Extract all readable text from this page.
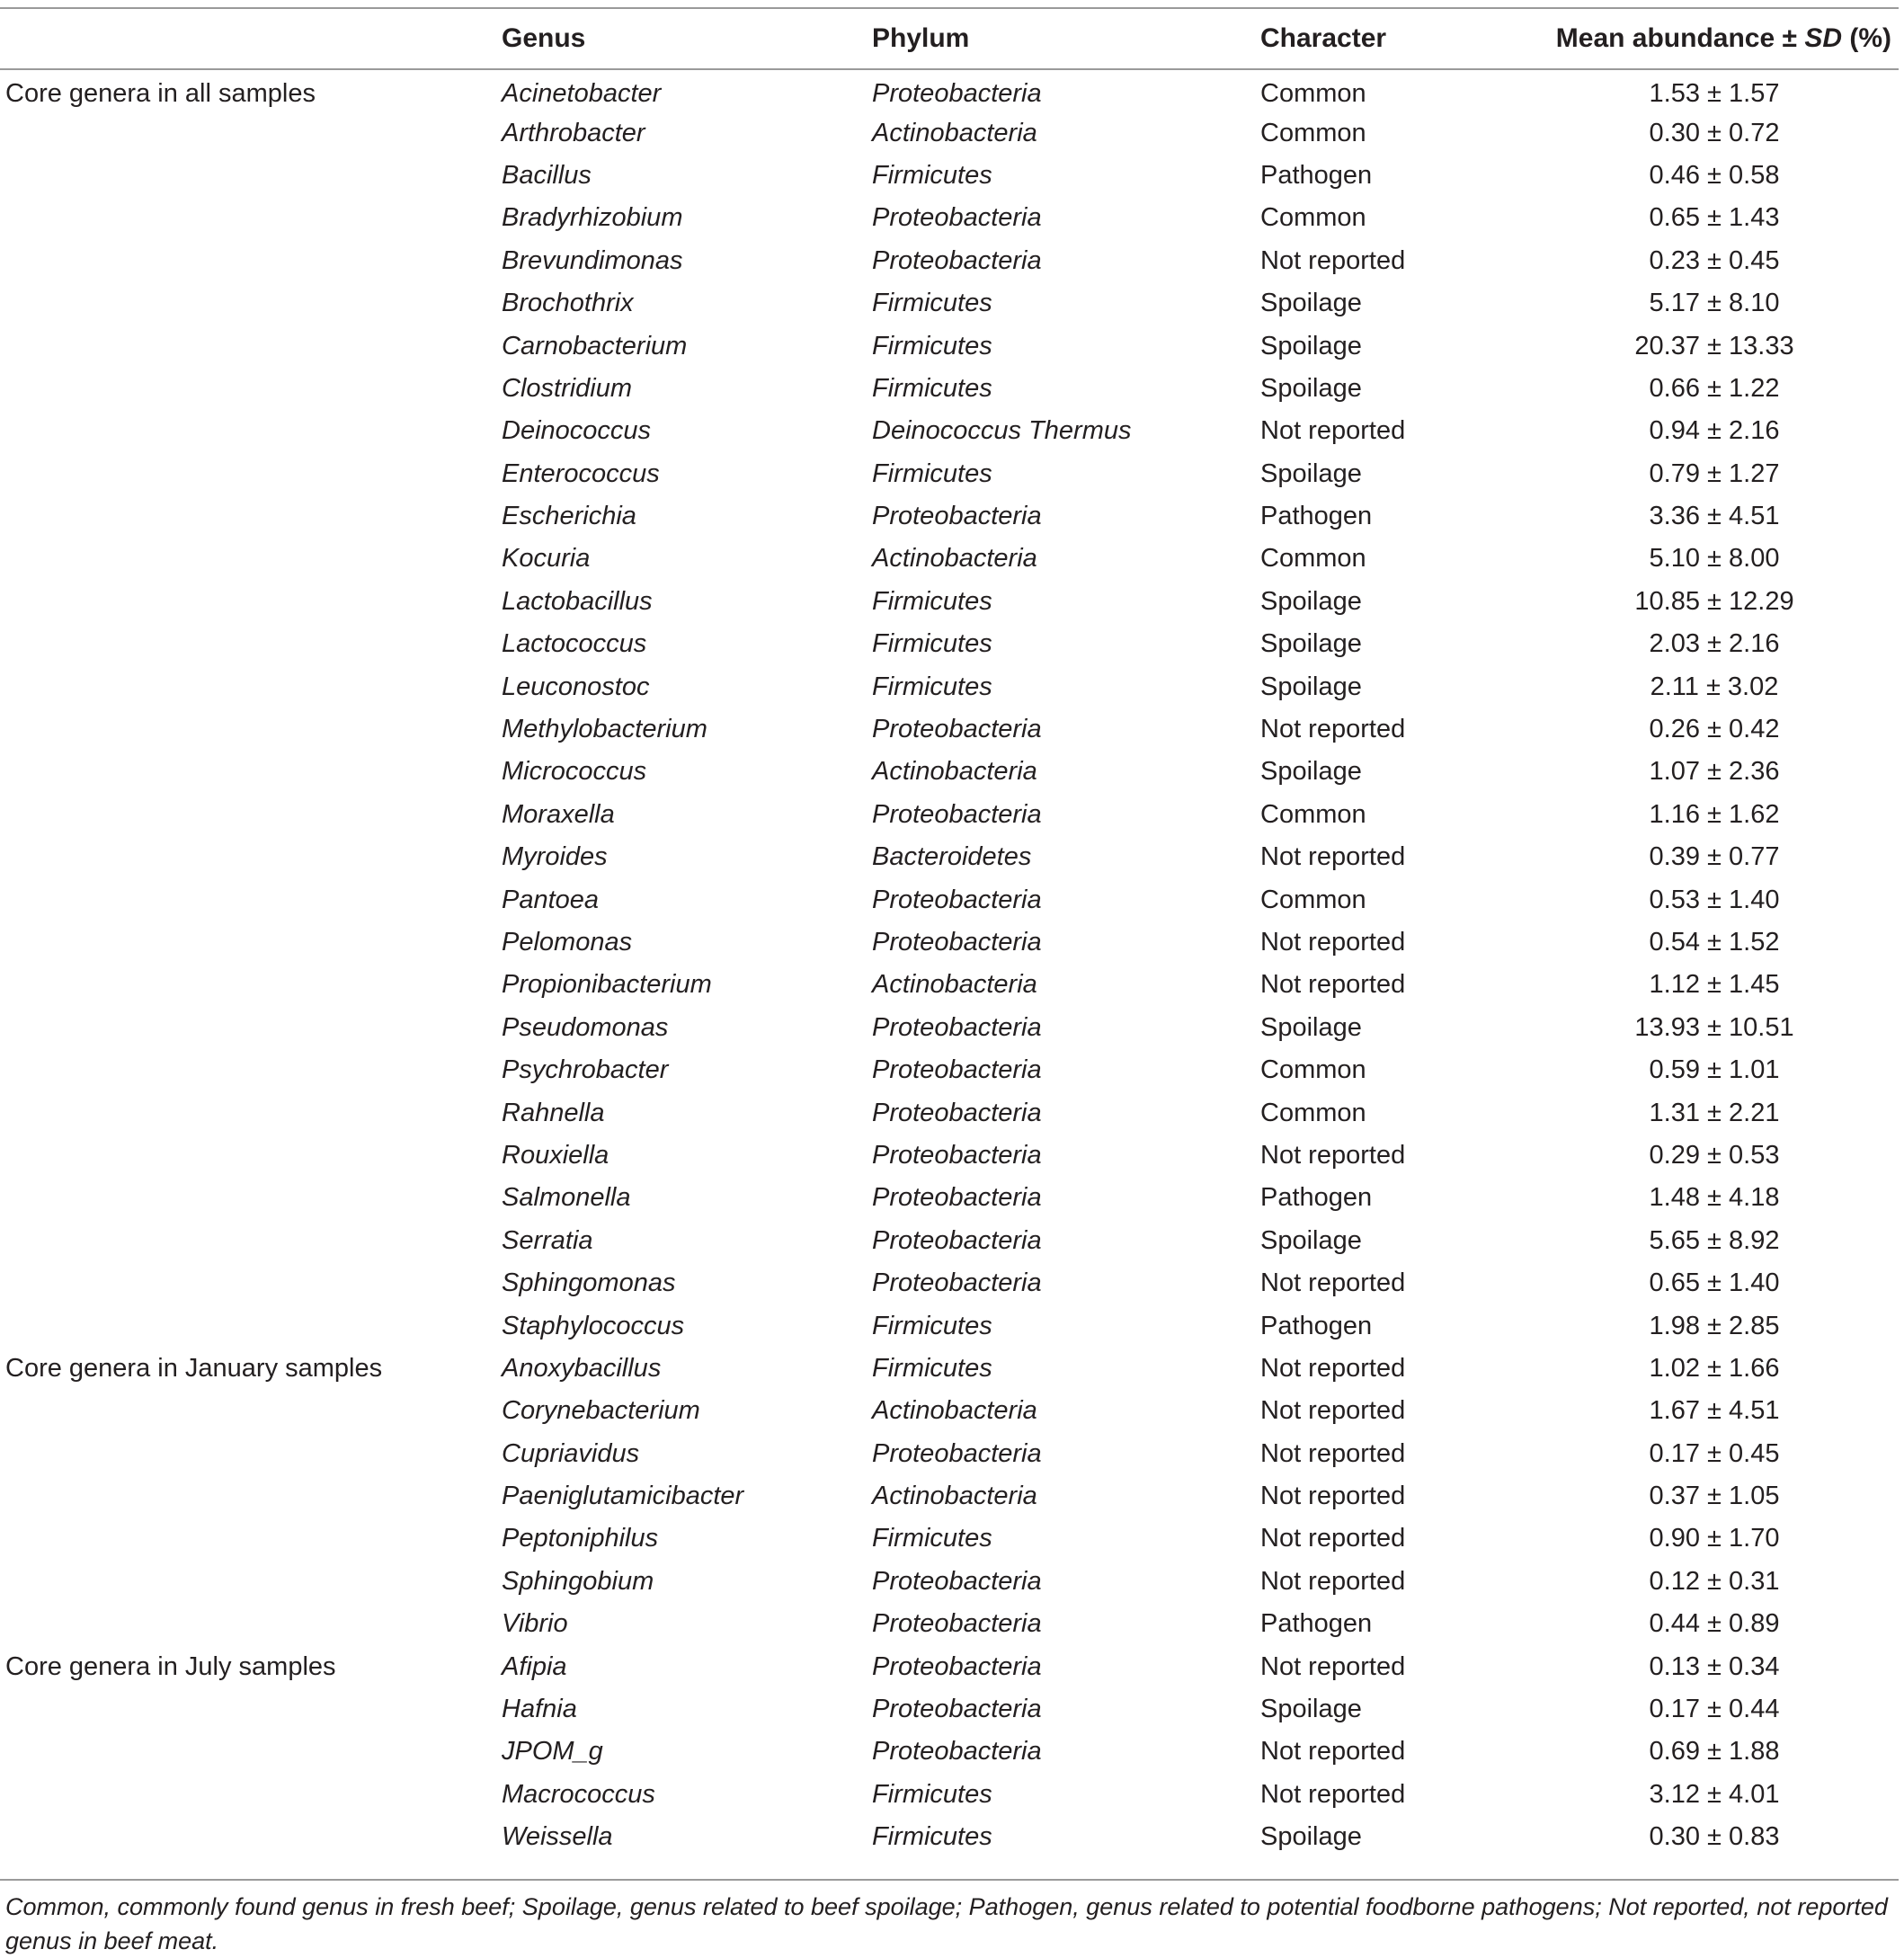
	Genus	Phylum	Character	Mean abundance ± SD (%)
Core genera in all samples	Acinetobacter	Proteobacteria	Common	1.53 ± 1.57
	Arthrobacter	Actinobacteria	Common	0.30 ± 0.72
	Bacillus	Firmicutes	Pathogen	0.46 ± 0.58
	Bradyrhizobium	Proteobacteria	Common	0.65 ± 1.43
	Brevundimonas	Proteobacteria	Not reported	0.23 ± 0.45
	Brochothrix	Firmicutes	Spoilage	5.17 ± 8.10
	Carnobacterium	Firmicutes	Spoilage	20.37 ± 13.33
	Clostridium	Firmicutes	Spoilage	0.66 ± 1.22
	Deinococcus	Deinococcus Thermus	Not reported	0.94 ± 2.16
	Enterococcus	Firmicutes	Spoilage	0.79 ± 1.27
	Escherichia	Proteobacteria	Pathogen	3.36 ± 4.51
	Kocuria	Actinobacteria	Common	5.10 ± 8.00
	Lactobacillus	Firmicutes	Spoilage	10.85 ± 12.29
	Lactococcus	Firmicutes	Spoilage	2.03 ± 2.16
	Leuconostoc	Firmicutes	Spoilage	2.11 ± 3.02
	Methylobacterium	Proteobacteria	Not reported	0.26 ± 0.42
	Micrococcus	Actinobacteria	Spoilage	1.07 ± 2.36
	Moraxella	Proteobacteria	Common	1.16 ± 1.62
	Myroides	Bacteroidetes	Not reported	0.39 ± 0.77
	Pantoea	Proteobacteria	Common	0.53 ± 1.40
	Pelomonas	Proteobacteria	Not reported	0.54 ± 1.52
	Propionibacterium	Actinobacteria	Not reported	1.12 ± 1.45
	Pseudomonas	Proteobacteria	Spoilage	13.93 ± 10.51
	Psychrobacter	Proteobacteria	Common	0.59 ± 1.01
	Rahnella	Proteobacteria	Common	1.31 ± 2.21
	Rouxiella	Proteobacteria	Not reported	0.29 ± 0.53
	Salmonella	Proteobacteria	Pathogen	1.48 ± 4.18
	Serratia	Proteobacteria	Spoilage	5.65 ± 8.92
	Sphingomonas	Proteobacteria	Not reported	0.65 ± 1.40
	Staphylococcus	Firmicutes	Pathogen	1.98 ± 2.85
Core genera in January samples	Anoxybacillus	Firmicutes	Not reported	1.02 ± 1.66
	Corynebacterium	Actinobacteria	Not reported	1.67 ± 4.51
	Cupriavidus	Proteobacteria	Not reported	0.17 ± 0.45
	Paeniglutamicibacter	Actinobacteria	Not reported	0.37 ± 1.05
	Peptoniphilus	Firmicutes	Not reported	0.90 ± 1.70
	Sphingobium	Proteobacteria	Not reported	0.12 ± 0.31
	Vibrio	Proteobacteria	Pathogen	0.44 ± 0.89
Core genera in July samples	Afipia	Proteobacteria	Not reported	0.13 ± 0.34
	Hafnia	Proteobacteria	Spoilage	0.17 ± 0.44
	JPOM_g	Proteobacteria	Not reported	0.69 ± 1.88
	Macrococcus	Firmicutes	Not reported	3.12 ± 4.01
	Weissella	Firmicutes	Spoilage	0.30 ± 0.83
Common, commonly found genus in fresh beef; Spoilage, genus related to beef spoilage; Pathogen, genus related to potential foodborne pathogens; Not reported, not reported genus in beef meat.
